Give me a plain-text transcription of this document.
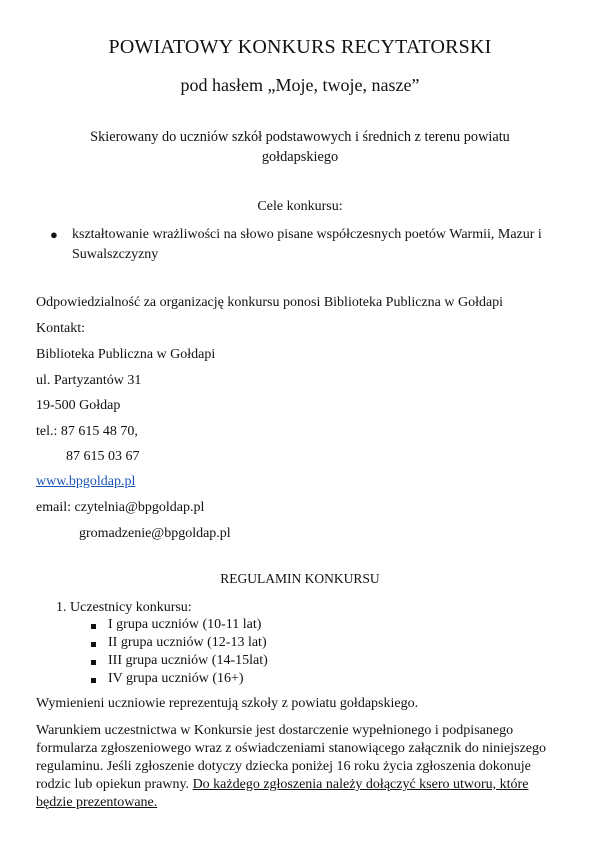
POWIATOWY KONKURS RECYTATORSKI
pod hasłem „Moje, twoje, nasze”
Skierowany do uczniów szkół podstawowych i średnich z terenu powiatu
gołdapskiego
Cele konkursu:
● kształtowanie wrażliwości na słowo pisane współczesnych poetów Warmii, Mazur i
Suwalszczyzny
Odpowiedzialność za organizację konkursu ponosi Biblioteka Publiczna w Gołdapi
Kontakt:
Biblioteka Publiczna w Gołdapi
ul. Partyzantów 31
19-500 Gołdap
tel.: 87 615 48 70,
87 615 03 67
www.bpgoldap.pl
email: czytelnia@bpgoldap.pl
gromadzenie@bpgoldap.pl
REGULAMIN KONKURSU
1. Uczestnicy konkursu:
I grupa uczniów (10-11 lat)
II grupa uczniów (12-13 lat)
III grupa uczniów (14-15lat)
IV grupa uczniów (16+)
Wymienieni uczniowie reprezentują szkoły z powiatu gołdapskiego.
Warunkiem uczestnictwa w Konkursie jest dostarczenie wypełnionego i podpisanego
formularza zgłoszeniowego wraz z oświadczeniami stanowiącego załącznik do niniejszego
regulaminu. Jeśli zgłoszenie dotyczy dziecka poniżej 16 roku życia zgłoszenia dokonuje
rodzic lub opiekun prawny. Do każdego zgłoszenia należy dołączyć ksero utworu, które
będzie prezentowane.
